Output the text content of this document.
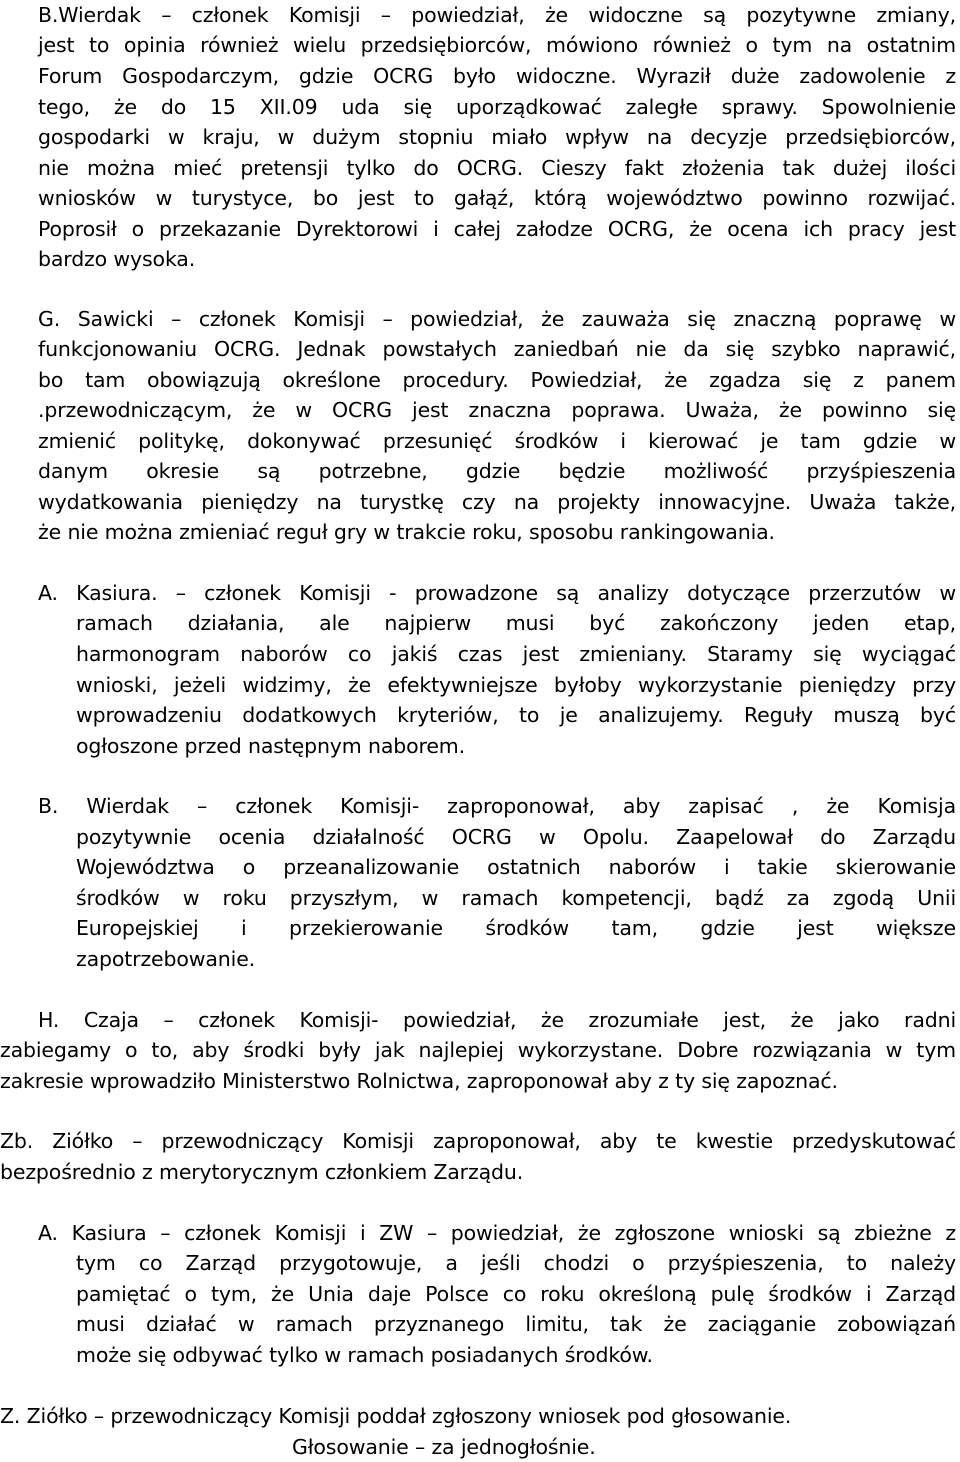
B.Wierdak – członek Komisji – powiedział, że widoczne są pozytywne zmiany,
jest to opinia również wielu przedsiębiorców, mówiono również o tym na ostatnim
Forum Gospodarczym, gdzie OCRG było widoczne. Wyraził duże zadowolenie z
tego, że do 15 XII.09 uda się uporządkować zaległe sprawy. Spowolnienie
gospodarki w kraju, w dużym stopniu miało wpływ na decyzje przedsiębiorców,
nie można mieć pretensji tylko do OCRG. Cieszy fakt złożenia tak dużej ilości
wniosków w turystyce, bo jest to gałąź, którą województwo powinno rozwijać.
Poprosił o przekazanie Dyrektorowi i całej załodze OCRG, że ocena ich pracy jest
bardzo wysoka.
G. Sawicki – członek Komisji – powiedział, że zauważa się znaczną poprawę w
funkcjonowaniu OCRG. Jednak powstałych zaniedbań nie da się szybko naprawić,
bo tam obowiązują określone procedury. Powiedział, że zgadza się z panem
.przewodniczącym, że w OCRG jest znaczna poprawa. Uważa, że powinno się
zmienić politykę, dokonywać przesunięć środków i kierować je tam gdzie w
danym okresie są potrzebne, gdzie będzie możliwość przyśpieszenia
wydatkowania pieniędzy na turystkę czy na projekty innowacyjne. Uważa także,
że nie można zmieniać reguł gry w trakcie roku, sposobu rankingowania.
A. Kasiura. – członek Komisji - prowadzone są analizy dotyczące przerzutów w
ramach działania, ale najpierw musi być zakończony jeden etap,
harmonogram naborów co jakiś czas jest zmieniany. Staramy się wyciągać
wnioski, jeżeli widzimy, że efektywniejsze byłoby wykorzystanie pieniędzy przy
wprowadzeniu dodatkowych kryteriów, to je analizujemy. Reguły muszą być
ogłoszone przed następnym naborem.
B. Wierdak – członek Komisji- zaproponował, aby zapisać , że Komisja
pozytywnie ocenia działalność OCRG w Opolu. Zaapelował do Zarządu
Województwa o przeanalizowanie ostatnich naborów i takie skierowanie
środków w roku przyszłym, w ramach kompetencji, bądź za zgodą Unii
Europejskiej i przekierowanie środków tam, gdzie jest większe
zapotrzebowanie.
H. Czaja – członek Komisji- powiedział, że zrozumiałe jest, że jako radni
zabiegamy o to, aby środki były jak najlepiej wykorzystane. Dobre rozwiązania w tym
zakresie wprowadziło Ministerstwo Rolnictwa, zaproponował aby z ty się zapoznać.
Zb. Ziółko – przewodniczący Komisji zaproponował, aby te kwestie przedyskutować
bezpośrednio z merytorycznym członkiem Zarządu.
A. Kasiura – członek Komisji i ZW – powiedział, że zgłoszone wnioski są zbieżne z
tym co Zarząd przygotowuje, a jeśli chodzi o przyśpieszenia, to należy
pamiętać o tym, że Unia daje Polsce co roku określoną pulę środków i Zarząd
musi działać w ramach przyznanego limitu, tak że zaciąganie zobowiązań
może się odbywać tylko w ramach posiadanych środków.
Z. Ziółko – przewodniczący Komisji poddał zgłoszony wniosek pod głosowanie.
Głosowanie – za jednogłośnie.
